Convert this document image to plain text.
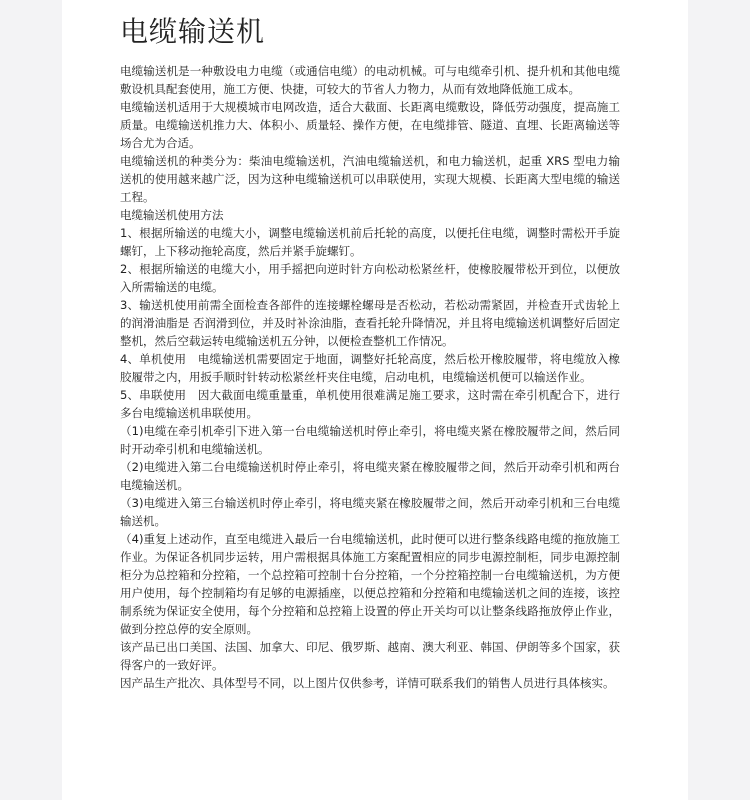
电缆输送机

电缆输送机是一种敷设电力电缆（或通信电缆）的电动机械。可与电缆牵引机、提升机和其他电缆敷设机具配套使用，施工方便、快捷，可较大的节省人力物力，从而有效地降低施工成本。

电缆输送机适用于大规模城市电网改造，适合大截面、长距离电缆敷设，降低劳动强度，提高施工质量。电缆输送机推力大、体积小、质量轻、操作方便，在电缆排管、隧道、直埋、长距离输送等场合尤为合适。

电缆输送机的种类分为：柴油电缆输送机，汽油电缆输送机，和电力输送机，起重 XRS 型电力输送机的使用越来越广泛，因为这种电缆输送机可以串联使用，实现大规模、长距离大型电缆的输送工程。

电缆输送机使用方法

1、根据所输送的电缆大小，调整电缆输送机前后托轮的高度，以便托住电缆，调整时需松开手旋螺钉，上下移动拖轮高度，然后并紧手旋螺钉。

2、根据所输送的电缆大小，用手摇把向逆时针方向松动松紧丝杆，使橡胶履带松开到位，以便放入所需输送的电缆。

3、输送机使用前需全面检查各部件的连接螺栓螺母是否松动，若松动需紧固，并检查开式齿轮上的润滑油脂是 否润滑到位，并及时补涂油脂，查看托轮升降情况，并且将电缆输送机调整好后固定整机，然后空载运转电缆输送机五分钟，以便检查整机工作情况。

4、单机使用　电缆输送机需要固定于地面，调整好托轮高度，然后松开橡胶履带，将电缆放入橡胶履带之内，用扳手顺时针转动松紧丝杆夹住电缆，启动电机，电缆输送机便可以输送作业。

5、串联使用　因大截面电缆重量重，单机使用很难满足施工要求，这时需在牵引机配合下，进行多台电缆输送机串联使用。

（1)电缆在牵引机牵引下进入第一台电缆输送机时停止牵引，将电缆夹紧在橡胶履带之间，然后同时开动牵引机和电缆输送机。

（2)电缆进入第二台电缆输送机时停止牵引，将电缆夹紧在橡胶履带之间，然后开动牵引机和两台电缆输送机。

（3)电缆进入第三台输送机时停止牵引，将电缆夹紧在橡胶履带之间，然后开动牵引机和三台电缆输送机。

（4)重复上述动作，直至电缆进入最后一台电缆输送机，此时便可以进行整条线路电缆的拖放施工作业。为保证各机同步运转，用户需根据具体施工方案配置相应的同步电源控制柜，同步电源控制柜分为总控箱和分控箱，一个总控箱可控制十台分控箱，一个分控箱控制一台电缆输送机，为方便用户使用，每个控制箱均有足够的电源插座，以便总控箱和分控箱和电缆输送机之间的连接，该控制系统为保证安全使用，每个分控箱和总控箱上设置的停止开关均可以让整条线路拖放停止作业，做到分控总停的安全原则。

该产品已出口美国、法国、加拿大、印尼、俄罗斯、越南、澳大利亚、韩国、伊朗等多个国家，获得客户的一致好评。

因产品生产批次、具体型号不同，以上图片仅供参考，详情可联系我们的销售人员进行具体核实。
